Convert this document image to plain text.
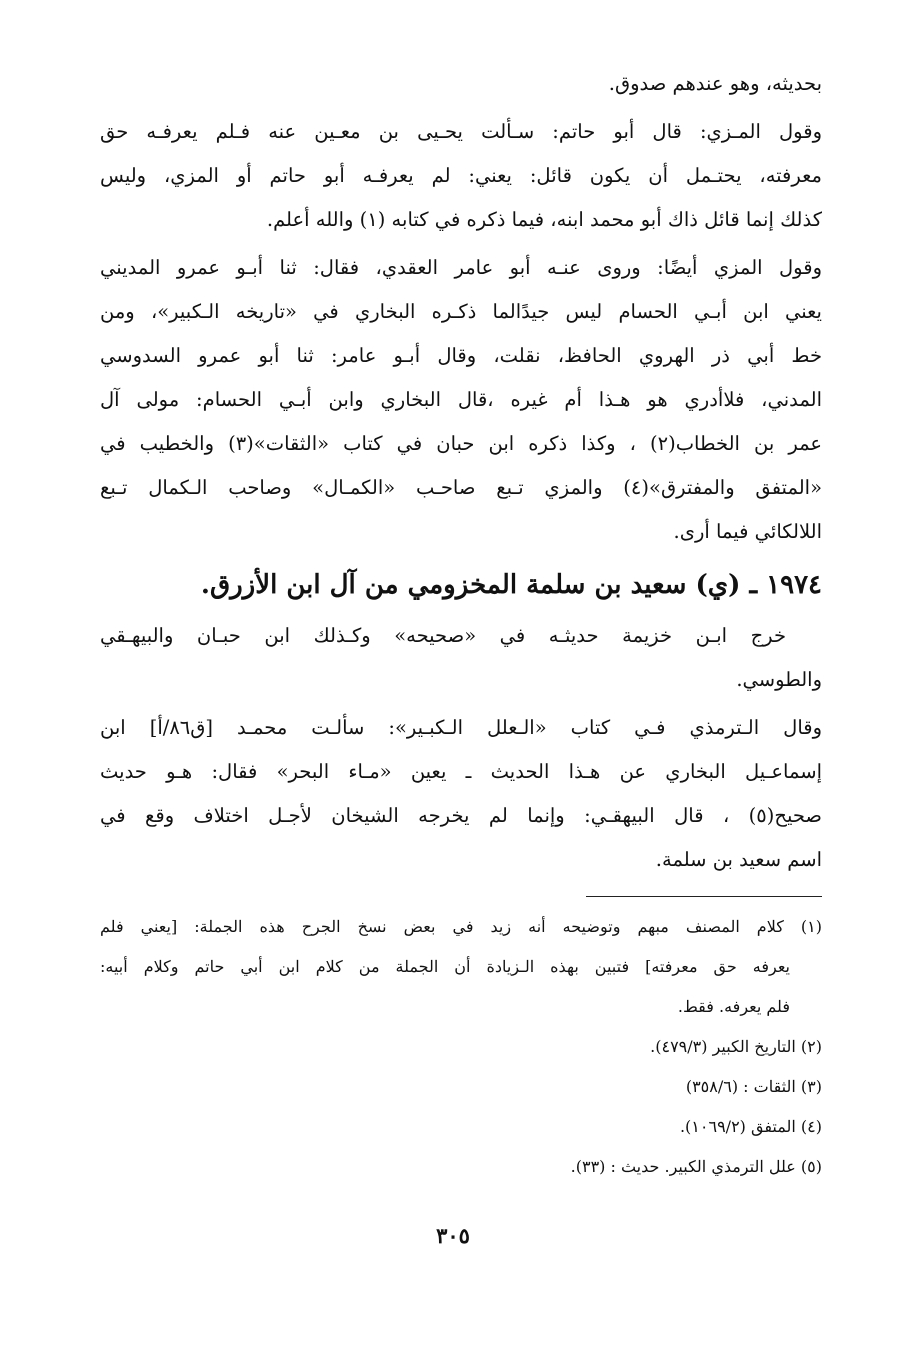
بحديثه، وهو عندهم صدوق.
وقول المـزي: قال أبو حاتم: سـألت يحـيى بن معـين عنه فـلم يعرفـه حق
معرفته، يحتـمل أن يكون قائل: يعني: لم يعرفـه أبو حاتم أو المزي، وليس
كذلك إنما قائل ذاك أبو محمد ابنه، فيما ذكره في كتابه (١) والله أعلم.
وقول المزي أيضًا: وروى عنـه أبو عامر العقدي، فقال: ثنا أبـو عمرو المديني
يعني ابن أبـي الحسام ليس جيدًالما ذكـره البخاري في «تاريخه الـكبير»، ومن
خط أبي ذر الهروي الحافظ، نقلت، وقال أبـو عامر: ثنا أبو عمرو السدوسي
المدني، فلاأدري هو هـذا أم غيره ،قال البخاري وابن أبـي الحسام: مولى آل
عمر بن الخطاب(٢) ، وكذا ذكره ابن حبان في كتاب «الثقات»(٣) والخطيب في
«المتفق والمفترق»(٤) والمزي تـبع صاحـب «الكمـال» وصاحب الـكمال تـبع
اللالكائي فيما أرى.
١٩٧٤ ـ (ي) سعيد بن سلمة المخزومي من آل ابن الأزرق.
خرج ابـن خزيمة حديثـه في «صحيحه» وكـذلك ابن حبـان والبيهـقي
والطوسي.
وقال الـترمذي فـي كتاب «الـعلل الـكبـير»: سألـت محمـد [ق٨٦/أ] ابن
إسماعـيل البخاري عن هـذا الحديث ـ يعين «مـاء البحر» فقال: هـو حديث
صحيح(٥) ، قال البيهقـي: وإنما لم يخرجه الشيخان لأجـل اختلاف وقع في
اسم سعيد بن سلمة.
(١) كلام المصنف مبهم وتوضيحه أنه زيد في بعض نسخ الجرح هذه الجملة: [يعني فلم
يعرفه حق معرفته] فتبين بهذه الـزيادة أن الجملة من كلام ابن أبي حاتم وكلام أبيه:
فلم يعرفه. فقط.
(٢) التاريخ الكبير (٤٧٩/٣).
(٣) الثقات : (٣٥٨/٦)
(٤) المتفق (١٠٦٩/٢).
(٥) علل الترمذي الكبير. حديث : (٣٣).
٣٠٥
